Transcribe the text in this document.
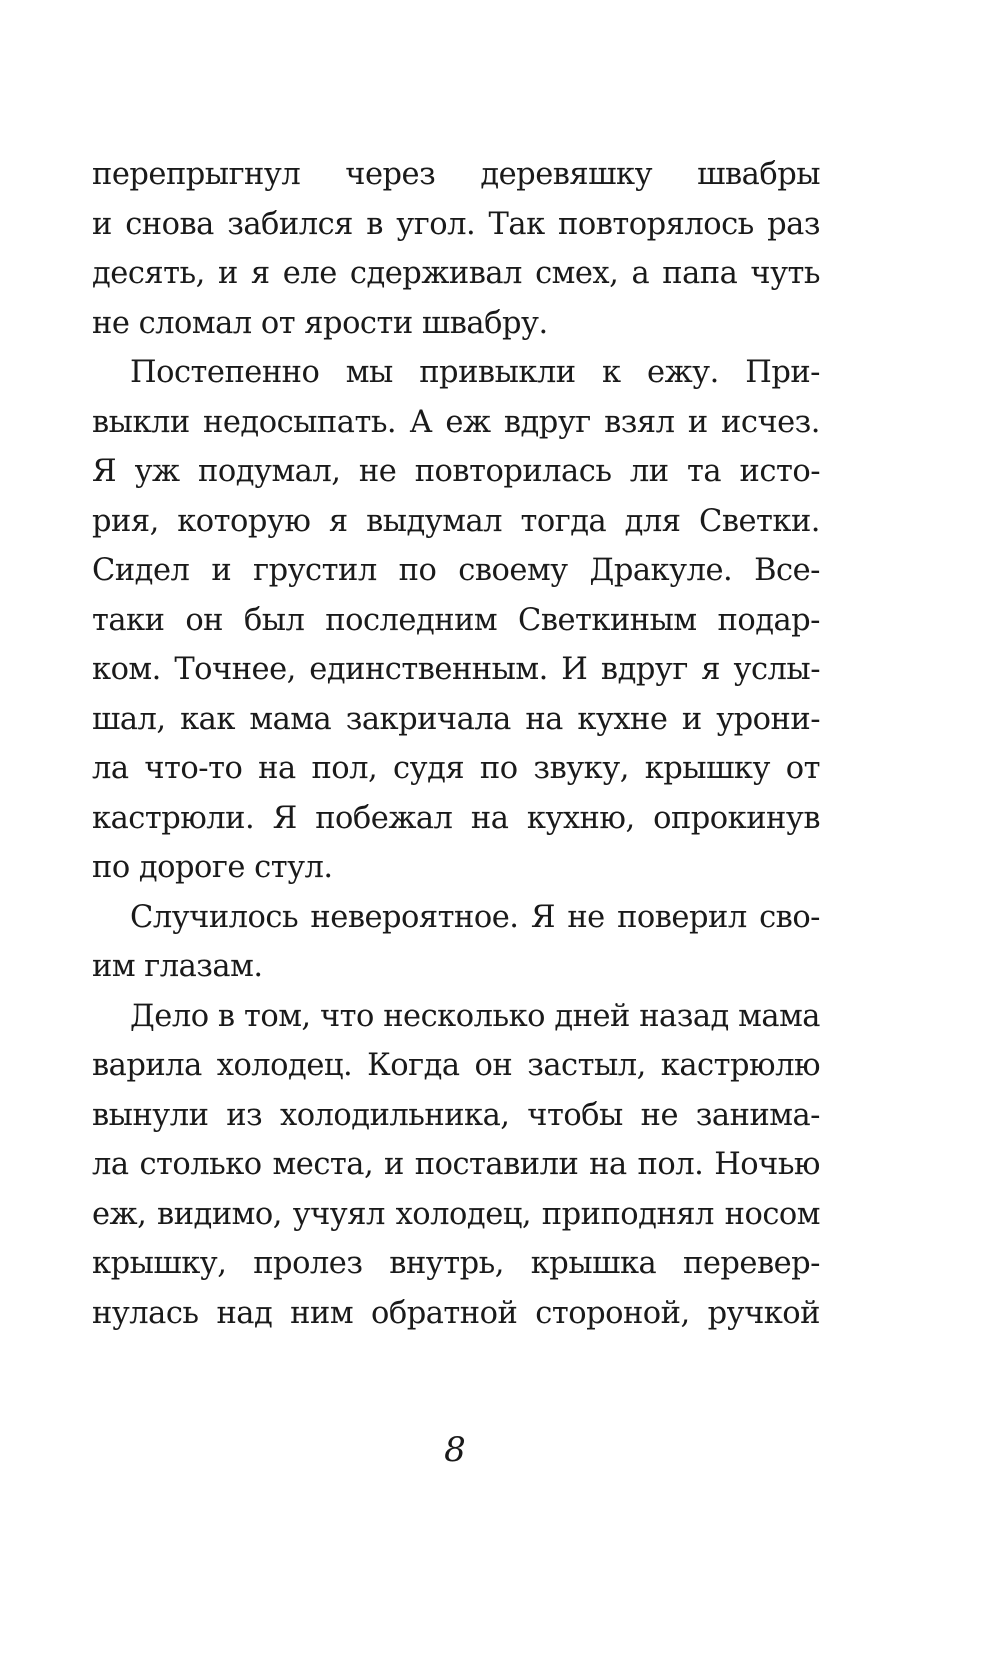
перепрыгнул через деревяшку швабры
и снова забился в угол. Так повторялось раз
десять, и я еле сдерживал смех, а папа чуть
не сломал от ярости швабру.
Постепенно мы привыкли к ежу. При-
выкли недосыпать. А еж вдруг взял и исчез.
Я уж подумал, не повторилась ли та исто-
рия, которую я выдумал тогда для Светки.
Сидел и грустил по своему Дракуле. Все-
таки он был последним Светкиным подар-
ком. Точнее, единственным. И вдруг я услы-
шал, как мама закричала на кухне и урони-
ла что-то на пол, судя по звуку, крышку от
кастрюли. Я побежал на кухню, опрокинув
по дороге стул.
Случилось невероятное. Я не поверил сво-
им глазам.
Дело в том, что несколько дней назад мама
варила холодец. Когда он застыл, кастрюлю
вынули из холодильника, чтобы не занима-
ла столько места, и поставили на пол. Ночью
еж, видимо, учуял холодец, приподнял носом
крышку, пролез внутрь, крышка перевер-
нулась над ним обратной стороной, ручкой
8
